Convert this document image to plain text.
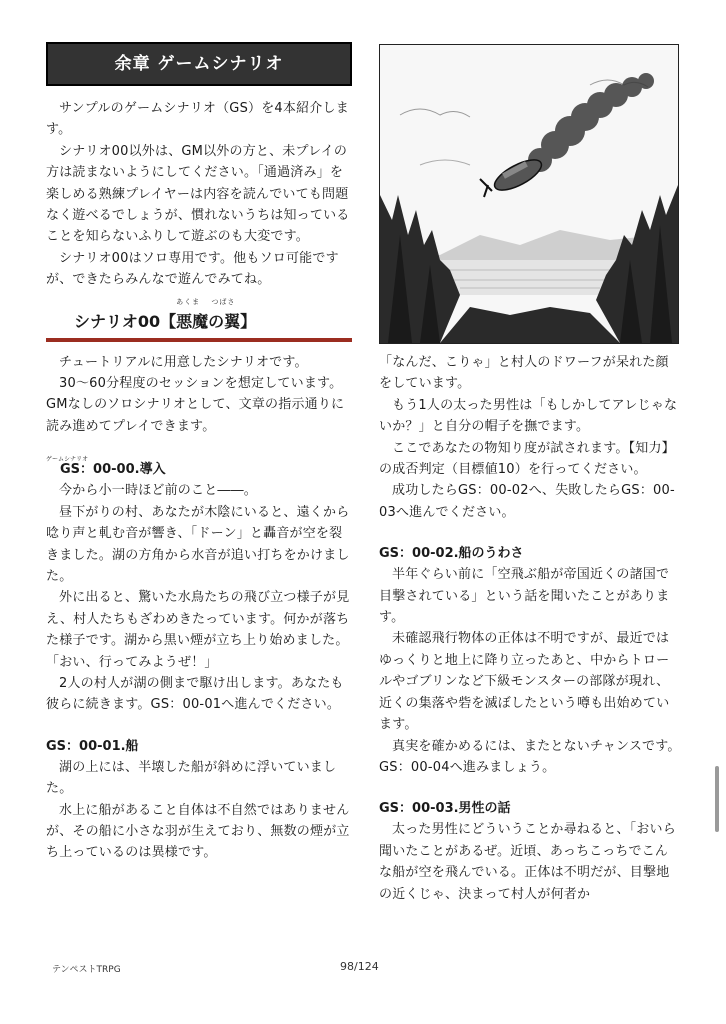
余章 ゲームシナリオ

サンプルのゲームシナリオ（GS）を4本紹介します。

シナリオ00以外は、GM以外の方と、未プレイの方は読まないようにしてください。「通過済み」を楽しめる熟練プレイヤーは内容を読んでいても問題なく遊べるでしょうが、慣れないうちは知っていることを知らないふりして遊ぶのも大変です。

シナリオ00はソロ専用です。他もソロ可能ですが、できたらみんなで遊んでみてね。

シナリオ00【
あくま　 つばさ
悪魔の翼】

チュートリアルに用意したシナリオです。

30〜60分程度のセッションを想定しています。GMなしのソロシナリオとして、文章の指示通りに読み進めてプレイできます。

ゲームシナリオ
GS：00-00.導入

今から小一時ほど前のこと――。

昼下がりの村、あなたが木陰にいると、遠くから唸り声と軋む音が響き、「ドーン」と轟音が空を裂きました。湖の方角から水音が追い打ちをかけました。

外に出ると、驚いた水鳥たちの飛び立つ様子が見え、村人たちもざわめきたっています。何かが落ちた様子です。湖から黒い煙が立ち上り始めました。

「おい、行ってみようぜ！」

2人の村人が湖の側まで駆け出します。あなたも彼らに続きます。GS：00-01へ進んでください。

GS：00-01.船

湖の上には、半壊した船が斜めに浮いていました。

水上に船があること自体は不自然ではありませんが、その船に小さな羽が生えており、無数の煙が立ち上っているのは異様です。

「なんだ、こりゃ」と村人のドワーフが呆れた顔をしています。

もう1人の太った男性は「もしかしてアレじゃないか？」と自分の帽子を撫でます。

ここであなたの物知り度が試されます。【知力】の成否判定（目標値10）を行ってください。

成功したらGS：00-02へ、失敗したらGS：00-03へ進んでください。

GS：00-02.船のうわさ

半年ぐらい前に「空飛ぶ船が帝国近くの諸国で目撃されている」という話を聞いたことがあります。

未確認飛行物体の正体は不明ですが、最近ではゆっくりと地上に降り立ったあと、中からトロールやゴブリンなど下級モンスターの部隊が現れ、近くの集落や砦を滅ぼしたという噂も出始めています。

真実を確かめるには、またとないチャンスです。GS：00-04へ進みましょう。

GS：00-03.男性の話

太った男性にどういうことか尋ねると、「おいら聞いたことがあるぜ。近頃、あっちこっちでこんな船が空を飛んでいる。正体は不明だが、目撃地の近くじゃ、決まって村人が何者か

テンペストTRPG	98/124
